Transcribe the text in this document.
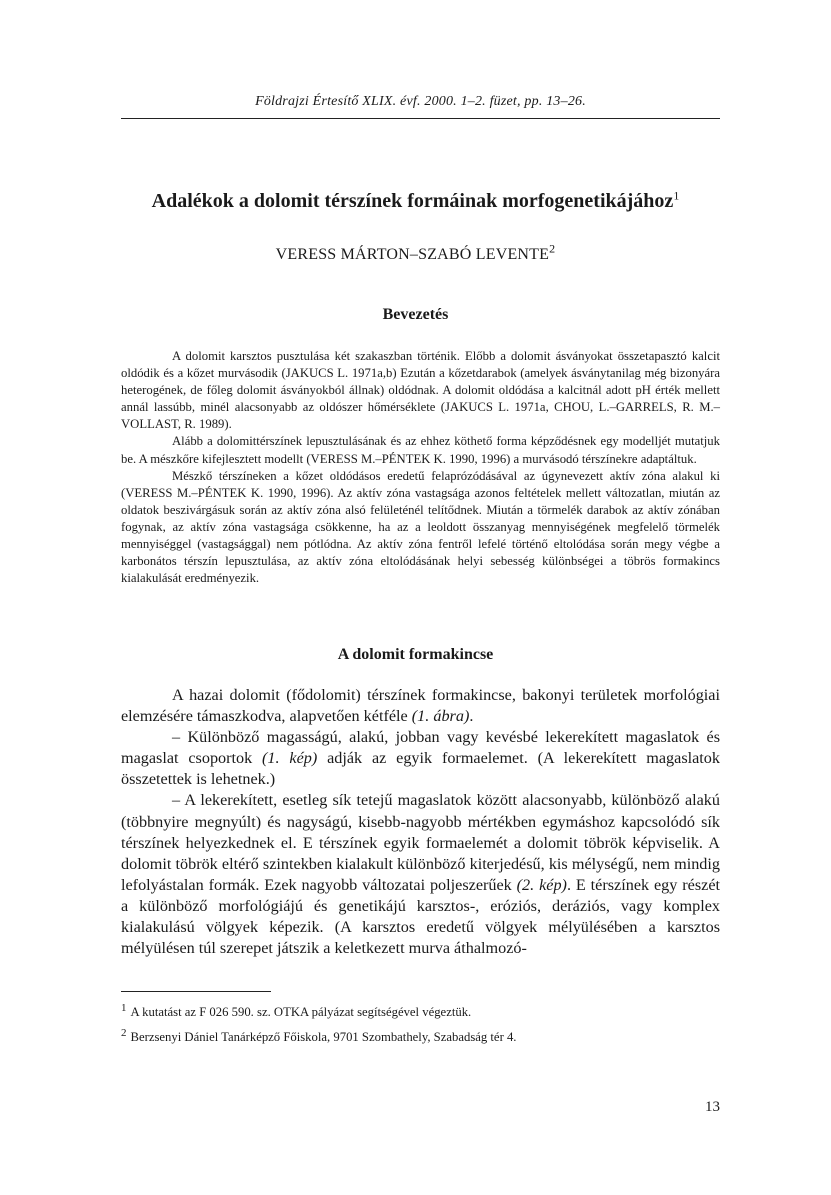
Földrajzi Értesítő XLIX. évf. 2000. 1–2. füzet, pp. 13–26.
Adalékok a dolomit térszínek formáinak morfogenetikájához$^1$
VERESS MÁRTON–SZABÓ LEVENTE$^2$
Bevezetés

A dolomit karsztos pusztulása két szakaszban történik. Előbb a dolomit ásványokat összetapasztó kalcit oldódik és a kőzet murvásodik (JAKUCS L. 1971a,b) Ezután a kőzetdarabok (amelyek ásványtanilag még bizonyára heterogének, de főleg dolomit ásványokból állnak) oldódnak. A dolomit oldódása a kalcitnál adott pH érték mellett annál lassúbb, minél alacsonyabb az oldószer hőmérséklete (JAKUCS L. 1971a, CHOU, L.–GARRELS, R. M.–VOLLAST, R. 1989).

Alább a dolomittérszínek lepusztulásának és az ehhez köthető forma képződésnek egy modelljét mutatjuk be. A mészkőre kifejlesztett modellt (VERESS M.–PÉNTEK K. 1990, 1996) a murvásodó térszínekre adaptáltuk.

Mészkő térszíneken a kőzet oldódásos eredetű felaprózódásával az úgynevezett aktív zóna alakul ki (VERESS M.–PÉNTEK K. 1990, 1996). Az aktív zóna vastagsága azonos feltételek mellett változatlan, miután az oldatok beszivárgásuk során az aktív zóna alsó felületénél telítődnek. Miután a törmelék darabok az aktív zónában fogynak, az aktív zóna vastagsága csökkenne, ha az a leoldott összanyag mennyiségének megfelelő törmelék mennyiséggel (vastagsággal) nem pótlódna. Az aktív zóna fentről lefelé történő eltolódása során megy végbe a karbonátos térszín lepusztulása, az aktív zóna eltolódásának helyi sebesség különbségei a töbrös formakincs kialakulását eredményezik.

A dolomit formakincse

A hazai dolomit (fődolomit) térszínek formakincse, bakonyi területek morfológiai elemzésére támaszkodva, alapvetően kétféle (1. ábra).

– Különböző magasságú, alakú, jobban vagy kevésbé lekerekített magaslatok és magaslat csoportok (1. kép) adják az egyik formaelemet. (A lekerekített magaslatok összetettek is lehetnek.)

– A lekerekített, esetleg sík tetejű magaslatok között alacsonyabb, különböző alakú (többnyire megnyúlt) és nagyságú, kisebb-nagyobb mértékben egymáshoz kapcsolódó sík térszínek helyezkednek el. E térszínek egyik formaelemét a dolomit töbrök képviselik. A dolomit töbrök eltérő szintekben kialakult különböző kiterjedésű, kis mélységű, nem mindig lefolyástalan formák. Ezek nagyobb változatai poljeszerűek (2. kép). E térszínek egy részét a különböző morfológiájú és genetikájú karsztos-, eróziós, deráziós, vagy komplex kialakulású völgyek képezik. (A karsztos eredetű völgyek mélyülésében a karsztos mélyülésen túl szerepet játszik a keletkezett murva áthalmozó-

$^1$ A kutatást az F 026 590. sz. OTKA pályázat segítségével végeztük.
$^2$ Berzsenyi Dániel Tanárképző Főiskola, 9701 Szombathely, Szabadság tér 4.
13
